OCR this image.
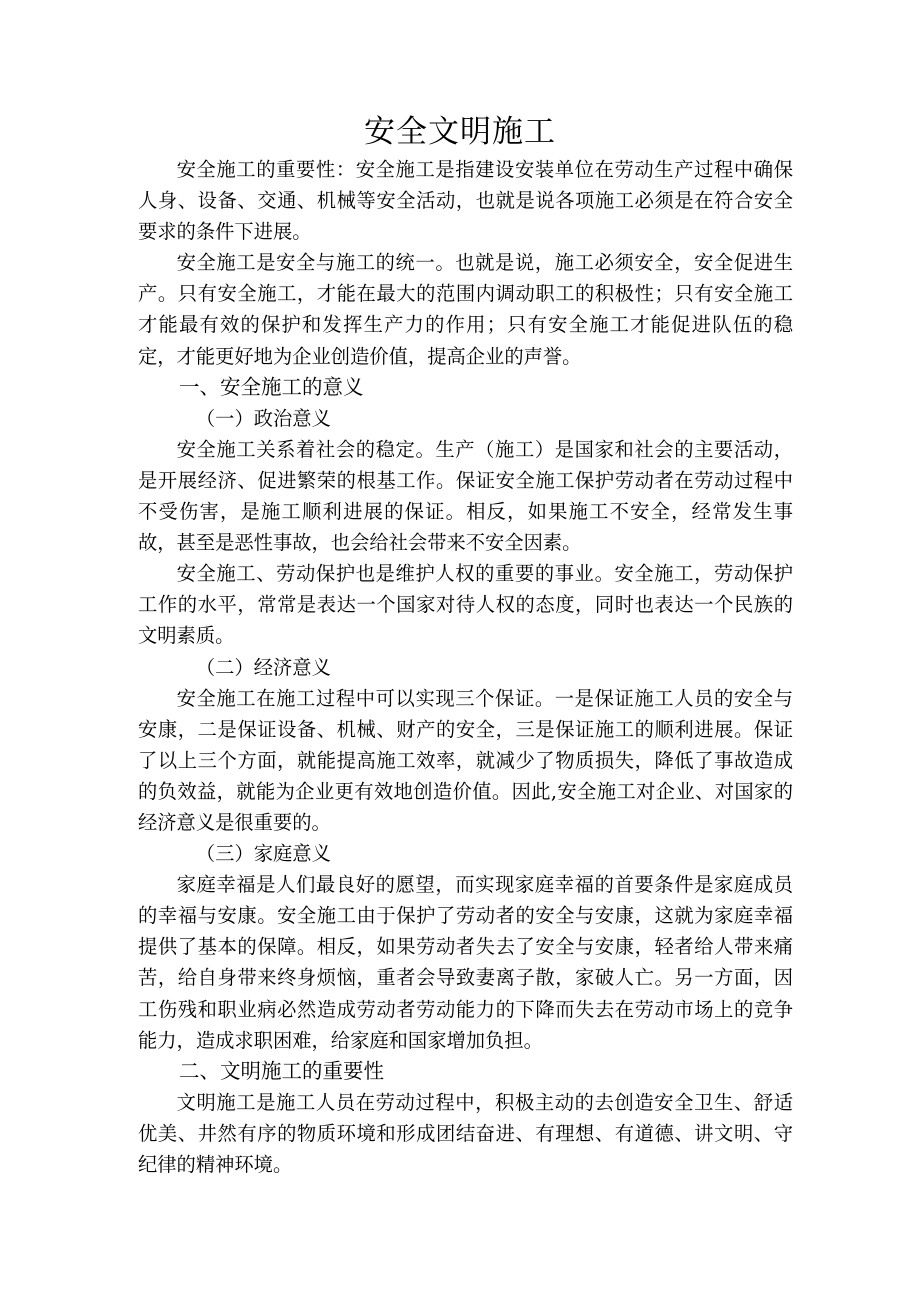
安全文明施工

安全施工的重要性：安全施工是指建设安装单位在劳动生产过程中确保人身、设备、交通、机械等安全活动，也就是说各项施工必须是在符合安全要求的条件下进展。

安全施工是安全与施工的统一。也就是说，施工必须安全，安全促进生产。只有安全施工，才能在最大的范围内调动职工的积极性；只有安全施工才能最有效的保护和发挥生产力的作用；只有安全施工才能促进队伍的稳定，才能更好地为企业创造价值，提高企业的声誉。

一、安全施工的意义

（一）政治意义

安全施工关系着社会的稳定。生产（施工）是国家和社会的主要活动，是开展经济、促进繁荣的根基工作。保证安全施工保护劳动者在劳动过程中不受伤害，是施工顺利进展的保证。相反，如果施工不安全，经常发生事故，甚至是恶性事故，也会给社会带来不安全因素。

安全施工、劳动保护也是维护人权的重要的事业。安全施工，劳动保护工作的水平，常常是表达一个国家对待人权的态度，同时也表达一个民族的文明素质。

（二）经济意义

安全施工在施工过程中可以实现三个保证。一是保证施工人员的安全与安康，二是保证设备、机械、财产的安全，三是保证施工的顺利进展。保证了以上三个方面，就能提高施工效率，就减少了物质损失，降低了事故造成的负效益，就能为企业更有效地创造价值。因此,安全施工对企业、对国家的经济意义是很重要的。

（三）家庭意义

家庭幸福是人们最良好的愿望，而实现家庭幸福的首要条件是家庭成员的幸福与安康。安全施工由于保护了劳动者的安全与安康，这就为家庭幸福提供了基本的保障。相反，如果劳动者失去了安全与安康，轻者给人带来痛苦，给自身带来终身烦恼，重者会导致妻离子散，家破人亡。另一方面，因工伤残和职业病必然造成劳动者劳动能力的下降而失去在劳动市场上的竞争能力，造成求职困难，给家庭和国家增加负担。

二、文明施工的重要性

文明施工是施工人员在劳动过程中，积极主动的去创造安全卫生、舒适优美、井然有序的物质环境和形成团结奋进、有理想、有道德、讲文明、守纪律的精神环境。
